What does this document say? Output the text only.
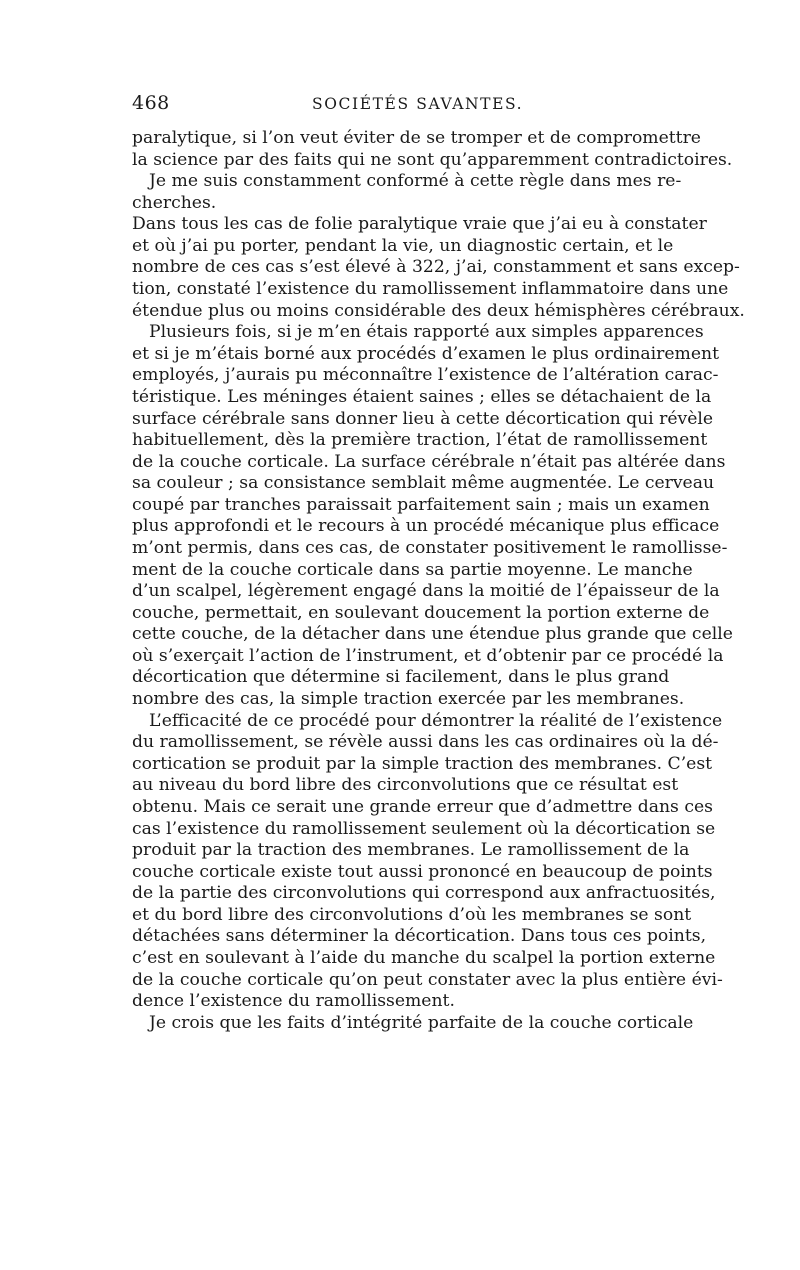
468	SOCIÉTÉS SAVANTES.
paralytique, si l’on veut éviter de se tromper et de compromettre
la science par des faits qui ne sont qu’apparemment contradictoires.
Je me suis constamment conformé à cette règle dans mes re-
cherches.
Dans tous les cas de folie paralytique vraie que j’ai eu à constater
et où j’ai pu porter, pendant la vie, un diagnostic certain, et le
nombre de ces cas s’est élevé à 322, j’ai, constamment et sans excep-
tion, constaté l’existence du ramollissement inflammatoire dans une
étendue plus ou moins considérable des deux hémisphères cérébraux.
Plusieurs fois, si je m’en étais rapporté aux simples apparences
et si je m’étais borné aux procédés d’examen le plus ordinairement
employés, j’aurais pu méconnaître l’existence de l’altération carac-
téristique. Les méninges étaient saines ; elles se détachaient de la
surface cérébrale sans donner lieu à cette décortication qui révèle
habituellement, dès la première traction, l’état de ramollissement
de la couche corticale. La surface cérébrale n’était pas altérée dans
sa couleur ; sa consistance semblait même augmentée. Le cerveau
coupé par tranches paraissait parfaitement sain ; mais un examen
plus approfondi et le recours à un procédé mécanique plus efficace
m’ont permis, dans ces cas, de constater positivement le ramollisse-
ment de la couche corticale dans sa partie moyenne. Le manche
d’un scalpel, légèrement engagé dans la moitié de l’épaisseur de la
couche, permettait, en soulevant doucement la portion externe de
cette couche, de la détacher dans une étendue plus grande que celle
où s’exerçait l’action de l’instrument, et d’obtenir par ce procédé la
décortication que détermine si facilement, dans le plus grand
nombre des cas, la simple traction exercée par les membranes.
L’efficacité de ce procédé pour démontrer la réalité de l’existence
du ramollissement, se révèle aussi dans les cas ordinaires où la dé-
cortication se produit par la simple traction des membranes. C’est
au niveau du bord libre des circonvolutions que ce résultat est
obtenu. Mais ce serait une grande erreur que d’admettre dans ces
cas l’existence du ramollissement seulement où la décortication se
produit par la traction des membranes. Le ramollissement de la
couche corticale existe tout aussi prononcé en beaucoup de points
de la partie des circonvolutions qui correspond aux anfractuosités,
et du bord libre des circonvolutions d’où les membranes se sont
détachées sans déterminer la décortication. Dans tous ces points,
c’est en soulevant à l’aide du manche du scalpel la portion externe
de la couche corticale qu’on peut constater avec la plus entière évi-
dence l’existence du ramollissement.
Je crois que les faits d’intégrité parfaite de la couche corticale
